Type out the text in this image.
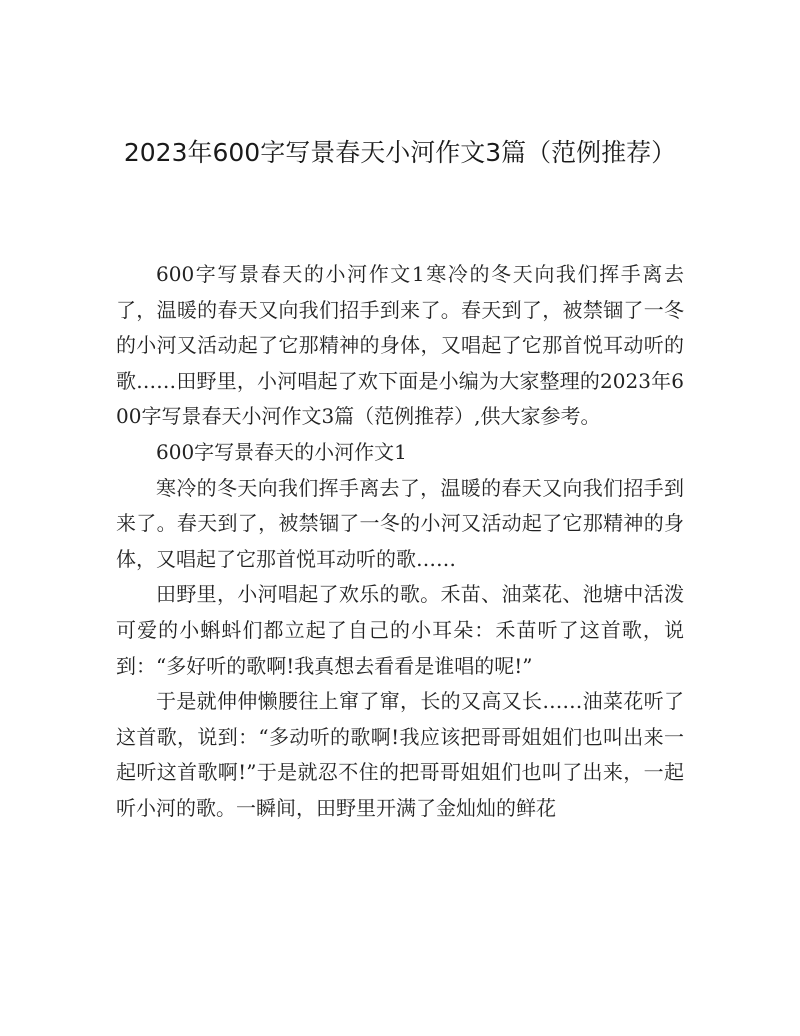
2023年600字写景春天小河作文3篇（范例推荐）

600字写景春天的小河作文1寒冷的冬天向我们挥手离去了，温暖的春天又向我们招手到来了。春天到了，被禁锢了一冬的小河又活动起了它那精神的身体，又唱起了它那首悦耳动听的歌……田野里，小河唱起了欢下面是小编为大家整理的2023年600字写景春天小河作文3篇（范例推荐）,供大家参考。

600字写景春天的小河作文1

寒冷的冬天向我们挥手离去了，温暖的春天又向我们招手到来了。春天到了，被禁锢了一冬的小河又活动起了它那精神的身体，又唱起了它那首悦耳动听的歌……

田野里，小河唱起了欢乐的歌。禾苗、油菜花、池塘中活泼可爱的小蝌蚪们都立起了自己的小耳朵：禾苗听了这首歌，说到：“多好听的歌啊!我真想去看看是谁唱的呢!”

于是就伸伸懒腰往上窜了窜，长的又高又长……油菜花听了这首歌，说到：“多动听的歌啊!我应该把哥哥姐姐们也叫出来一起听这首歌啊!”于是就忍不住的把哥哥姐姐们也叫了出来，一起听小河的歌。一瞬间，田野里开满了金灿灿的鲜花
